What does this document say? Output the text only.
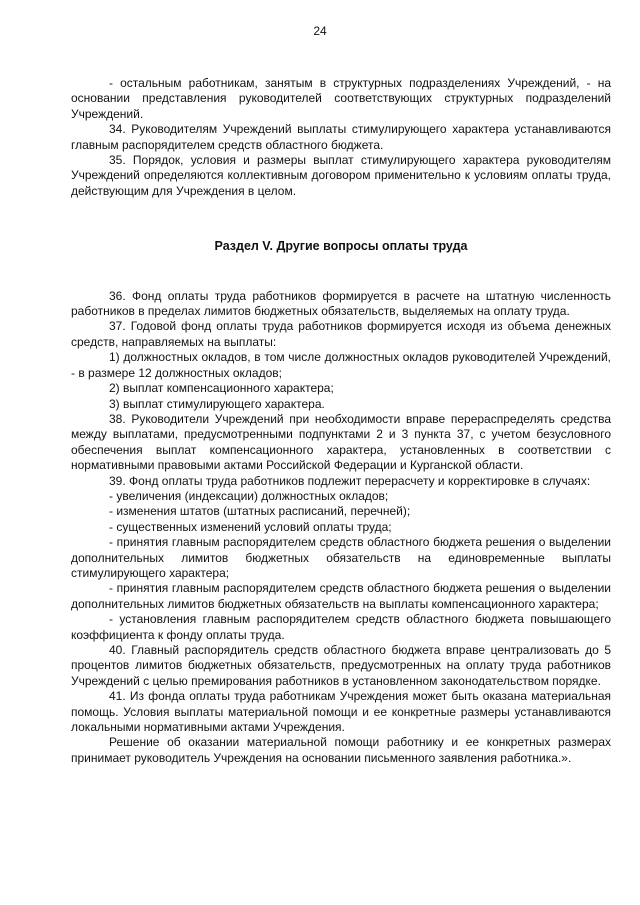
24

- остальным работникам, занятым в структурных подразделениях Учреждений, - на основании представления руководителей соответствующих структурных подразделений Учреждений.

34. Руководителям Учреждений выплаты стимулирующего характера устанавливаются главным распорядителем средств областного бюджета.

35. Порядок, условия и размеры выплат стимулирующего характера руководителям Учреждений определяются коллективным договором применительно к условиям оплаты труда, действующим для Учреждения в целом.

Раздел V. Другие вопросы оплаты труда

36. Фонд оплаты труда работников формируется в расчете на штатную численность работников в пределах лимитов бюджетных обязательств, выделяемых на оплату труда.

37. Годовой фонд оплаты труда работников формируется исходя из объема денежных средств, направляемых на выплаты:

1) должностных окладов, в том числе должностных окладов руководителей Учреждений, - в размере 12 должностных окладов;

2) выплат компенсационного характера;

3) выплат стимулирующего характера.

38. Руководители Учреждений при необходимости вправе перераспределять средства между выплатами, предусмотренными подпунктами 2 и 3 пункта 37, с учетом безусловного обеспечения выплат компенсационного характера, установленных в соответствии с нормативными правовыми актами Российской Федерации и Курганской области.

39. Фонд оплаты труда работников подлежит перерасчету и корректировке в случаях:

- увеличения (индексации) должностных окладов;

- изменения штатов (штатных расписаний, перечней);

- существенных изменений условий оплаты труда;

- принятия главным распорядителем средств областного бюджета решения о выделении дополнительных лимитов бюджетных обязательств на единовременные выплаты стимулирующего характера;

- принятия главным распорядителем средств областного бюджета решения о выделении дополнительных лимитов бюджетных обязательств на выплаты компенсационного характера;

- установления главным распорядителем средств областного бюджета повышающего коэффициента к фонду оплаты труда.

40. Главный распорядитель средств областного бюджета вправе централизовать до 5 процентов лимитов бюджетных обязательств, предусмотренных на оплату труда работников Учреждений с целью премирования работников в установленном законодательством порядке.

41. Из фонда оплаты труда работникам Учреждения может быть оказана материальная помощь. Условия выплаты материальной помощи и ее конкретные размеры устанавливаются локальными нормативными актами Учреждения.

Решение об оказании материальной помощи работнику и ее конкретных размерах принимает руководитель Учреждения на основании письменного заявления работника.».
